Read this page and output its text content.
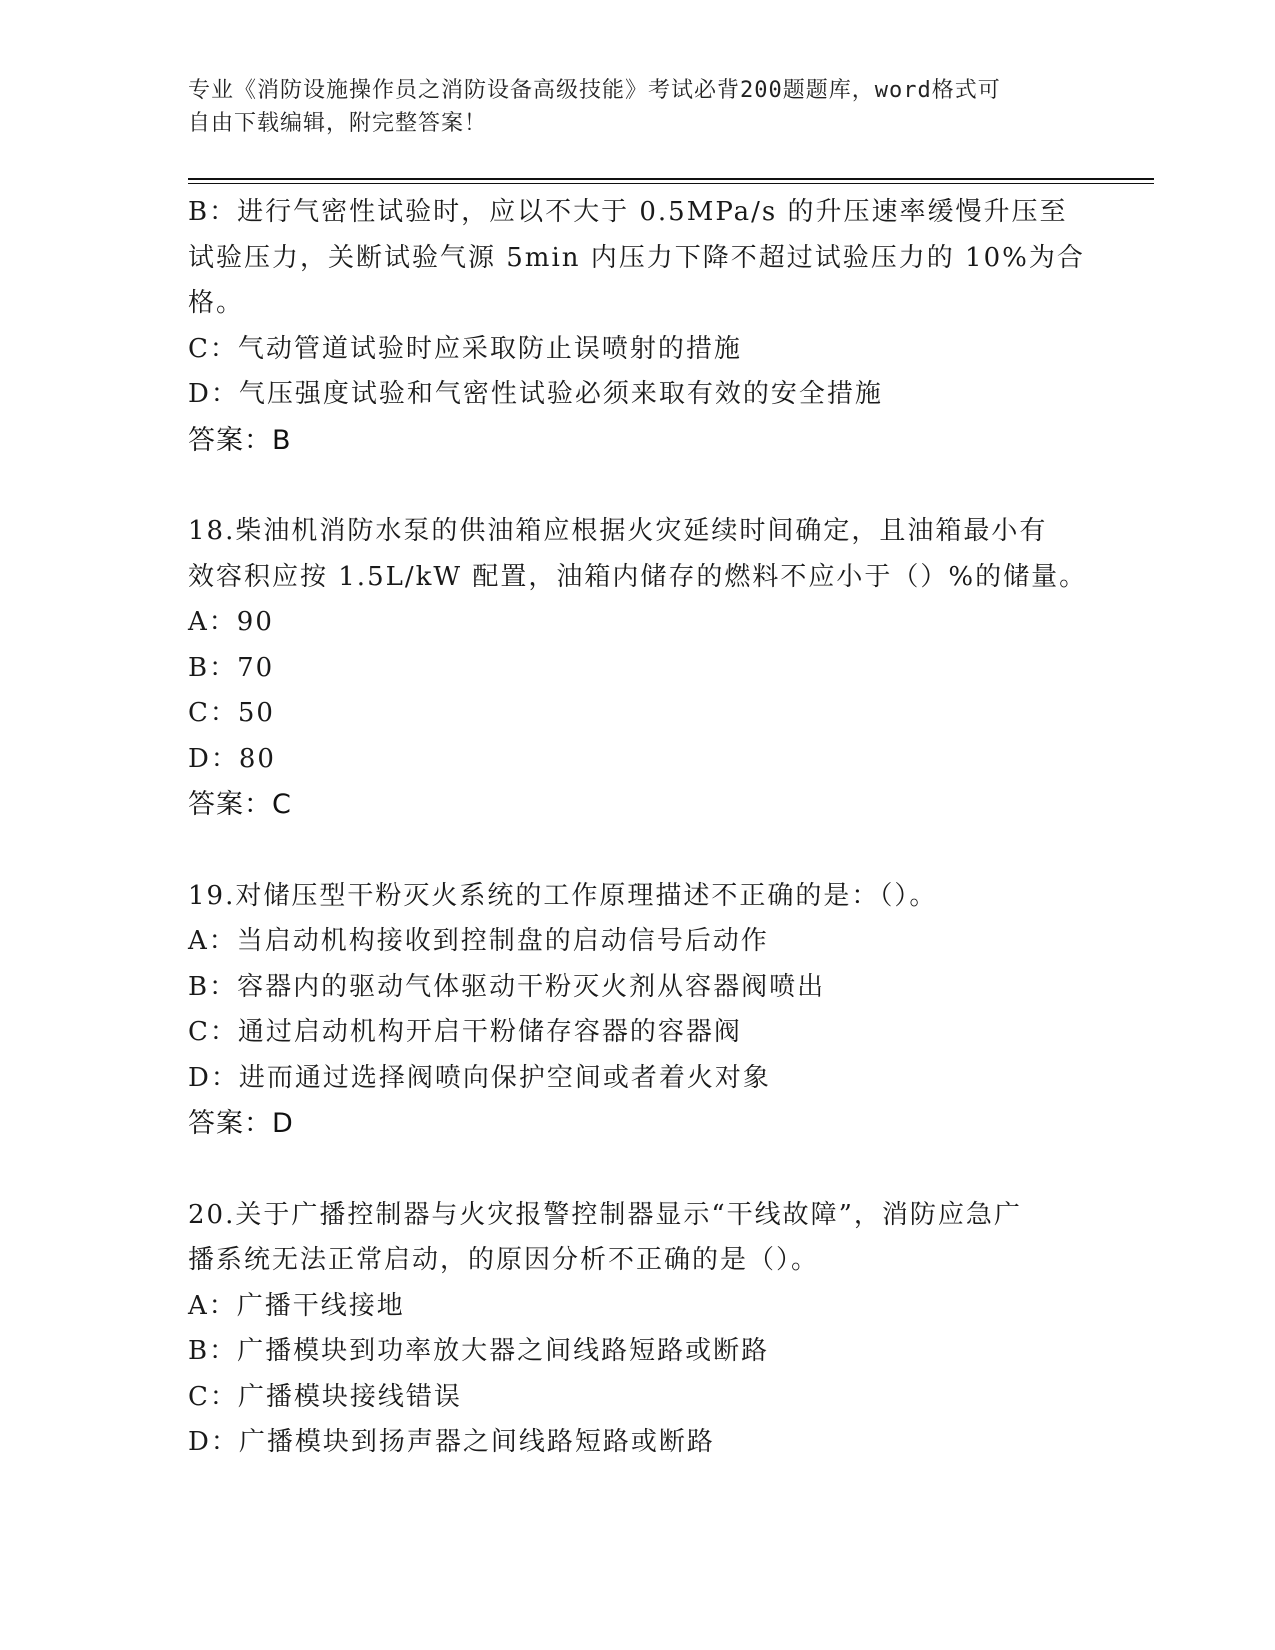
专业《消防设施操作员之消防设备高级技能》考试必背200题题库，word格式可
自由下载编辑，附完整答案！
B：进行气密性试验时，应以不大于 0.5MPa/s 的升压速率缓慢升压至
试验压力，关断试验气源 5min 内压力下降不超过试验压力的 10%为合
格。
C：气动管道试验时应采取防止误喷射的措施
D：气压强度试验和气密性试验必须来取有效的安全措施
答案：B
18.柴油机消防水泵的供油箱应根据火灾延续时间确定，且油箱最小有
效容积应按 1.5L/kW 配置，油箱内储存的燃料不应小于（）%的储量。
A：90
B：70
C：50
D：80
答案：C
19.对储压型干粉灭火系统的工作原理描述不正确的是：（）。
A：当启动机构接收到控制盘的启动信号后动作
B：容器内的驱动气体驱动干粉灭火剂从容器阀喷出
C：通过启动机构开启干粉储存容器的容器阀
D：进而通过选择阀喷向保护空间或者着火对象
答案：D
20.关于广播控制器与火灾报警控制器显示“干线故障”，消防应急广
播系统无法正常启动，的原因分析不正确的是（）。
A：广播干线接地
B：广播模块到功率放大器之间线路短路或断路
C：广播模块接线错误
D：广播模块到扬声器之间线路短路或断路
